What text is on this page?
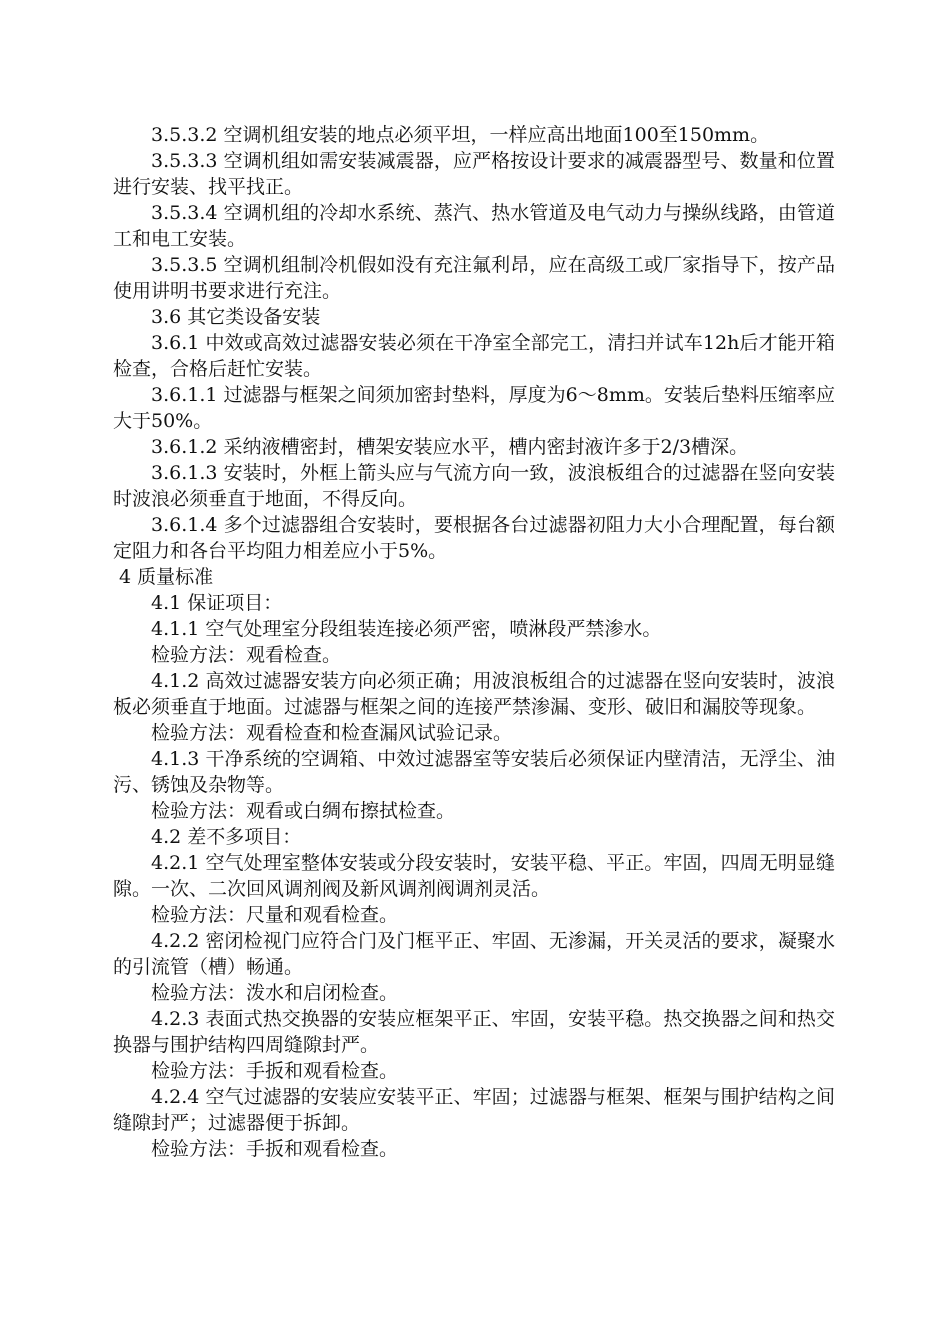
3.5.3.2 空调机组安装的地点必须平坦，一样应高出地面100至150mm。

3.5.3.3 空调机组如需安装减震器，应严格按设计要求的减震器型号、数量和位置进行安装、找平找正。

3.5.3.4 空调机组的冷却水系统、蒸汽、热水管道及电气动力与操纵线路，由管道工和电工安装。

3.5.3.5 空调机组制冷机假如没有充注氟利昂，应在高级工或厂家指导下，按产品使用讲明书要求进行充注。

3.6 其它类设备安装

3.6.1 中效或高效过滤器安装必须在干净室全部完工，清扫并试车12h后才能开箱检查，合格后赶忙安装。

3.6.1.1 过滤器与框架之间须加密封垫料，厚度为6～8mm。安装后垫料压缩率应大于50%。

3.6.1.2 采纳液槽密封，槽架安装应水平，槽内密封液许多于2/3槽深。

3.6.1.3 安装时，外框上箭头应与气流方向一致，波浪板组合的过滤器在竖向安装时波浪必须垂直于地面，不得反向。

3.6.1.4 多个过滤器组合安装时，要根据各台过滤器初阻力大小合理配置，每台额定阻力和各台平均阻力相差应小于5%。

4 质量标准

4.1 保证项目：

4.1.1 空气处理室分段组装连接必须严密，喷淋段严禁渗水。

检验方法：观看检查。

4.1.2 高效过滤器安装方向必须正确；用波浪板组合的过滤器在竖向安装时，波浪板必须垂直于地面。过滤器与框架之间的连接严禁渗漏、变形、破旧和漏胶等现象。

检验方法：观看检查和检查漏风试验记录。

4.1.3 干净系统的空调箱、中效过滤器室等安装后必须保证内壁清洁，无浮尘、油污、锈蚀及杂物等。

检验方法：观看或白绸布擦拭检查。

4.2 差不多项目：

4.2.1 空气处理室整体安装或分段安装时，安装平稳、平正。牢固，四周无明显缝隙。一次、二次回风调剂阀及新风调剂阀调剂灵活。

检验方法：尺量和观看检查。

4.2.2 密闭检视门应符合门及门框平正、牢固、无渗漏，开关灵活的要求，凝聚水的引流管（槽）畅通。

检验方法：泼水和启闭检查。

4.2.3 表面式热交换器的安装应框架平正、牢固，安装平稳。热交换器之间和热交换器与围护结构四周缝隙封严。

检验方法：手扳和观看检查。

4.2.4 空气过滤器的安装应安装平正、牢固；过滤器与框架、框架与围护结构之间缝隙封严；过滤器便于拆卸。

检验方法：手扳和观看检查。
